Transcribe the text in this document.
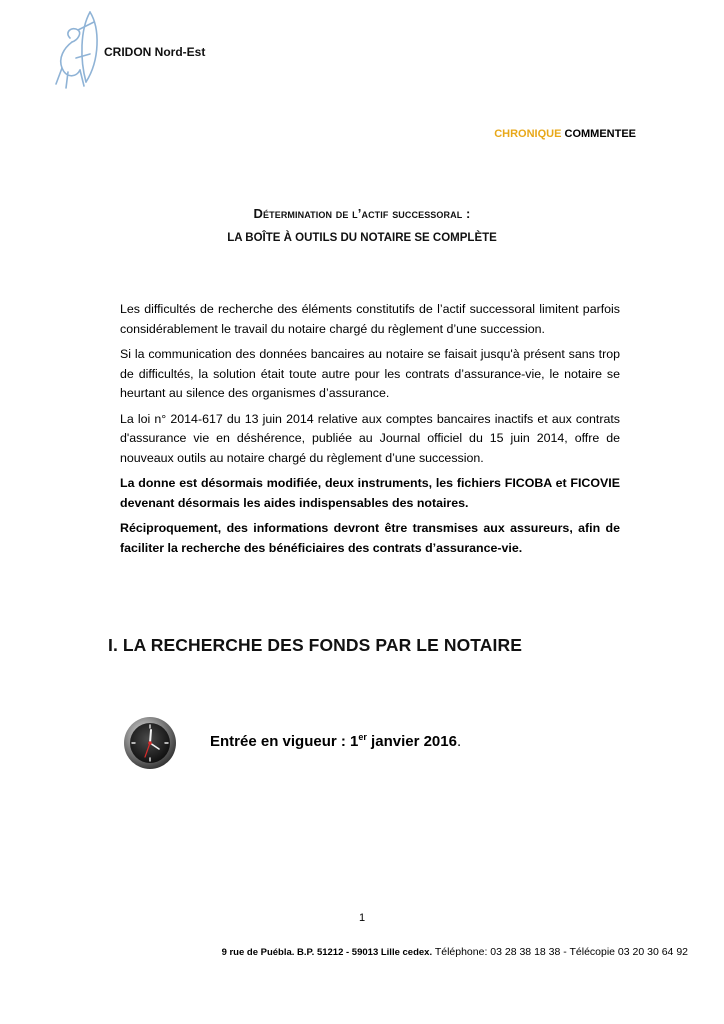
CRIDON Nord-Est
CHRONIQUE COMMENTEE
Détermination de l’actif successoral :
LA BOÎTE À OUTILS DU NOTAIRE SE COMPLÈTE

Les difficultés de recherche des éléments constitutifs de l’actif successoral limitent parfois considérablement le travail du notaire chargé du règlement d’une succession.

Si la communication des données bancaires au notaire se faisait jusqu'à présent sans trop de difficultés, la solution était toute autre pour les contrats d’assurance-vie, le notaire se heurtant au silence des organismes d’assurance.

La loi n° 2014-617 du 13 juin 2014 relative aux comptes bancaires inactifs et aux contrats d'assurance vie en déshérence, publiée au Journal officiel du 15 juin 2014, offre de nouveaux outils au notaire chargé du règlement d’une succession.

La donne est désormais modifiée, deux instruments, les fichiers FICOBA et FICOVIE devenant désormais les aides indispensables des notaires.

Réciproquement, des informations devront être transmises aux assureurs, afin de faciliter la recherche des bénéficiaires des contrats d’assurance-vie.

I. LA RECHERCHE DES FONDS PAR LE NOTAIRE
Entrée en vigueur : 1er janvier 2016.
1
9 rue de Puébla. B.P. 51212 - 59013 Lille cedex. Téléphone: 03 28 38 18 38 - Télécopie 03 20 30 64 92
